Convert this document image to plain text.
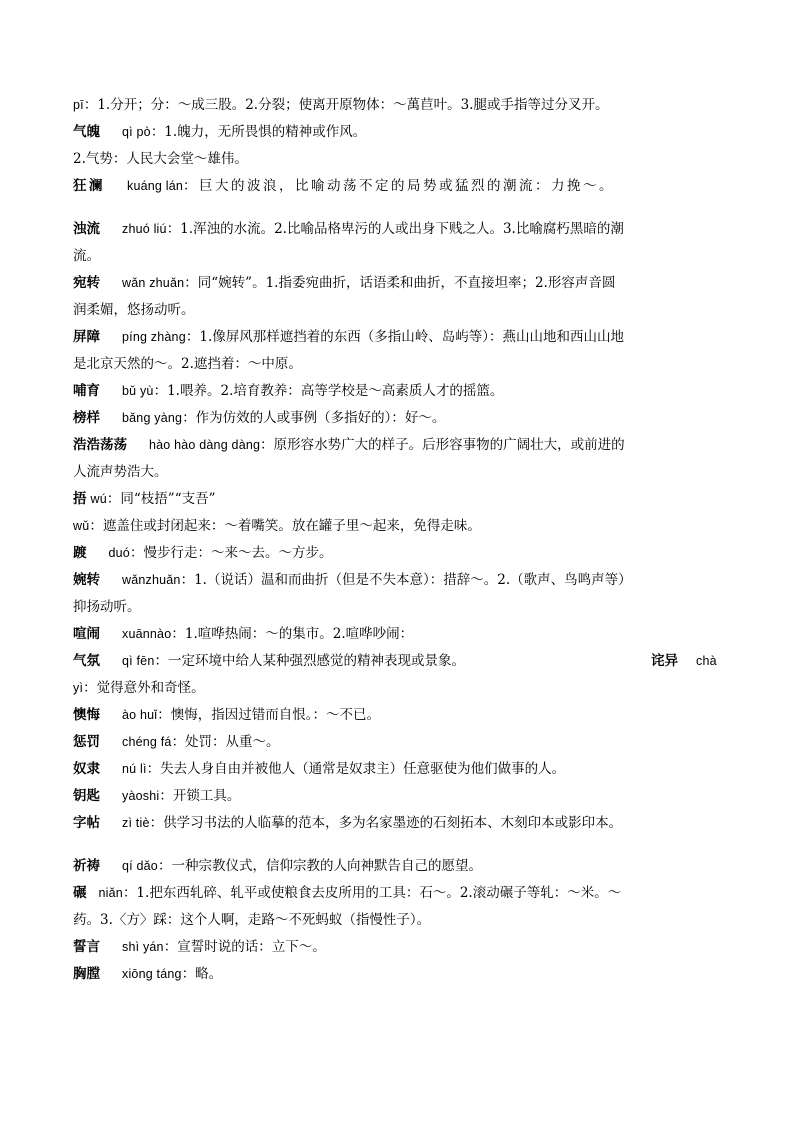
pī：1.分开；分：～成三股。2.分裂；使离开原物体：～萬苣叶。3.腿或手指等过分叉开。
气魄 qì pò：1.魄力，无所畏惧的精神或作风。
2.气势：人民大会堂～雄伟。
狂澜 kuáng lán：巨大的波浪，比喻动荡不定的局势或猛烈的潮流：力挽～。
浊流 zhuó liú：1.浑浊的水流。2.比喻品格卑污的人或出身下贱之人。3.比喻腐朽黑暗的潮
流。
宛转 wǎn zhuǎn：同“婉转”。1.指委宛曲折，话语柔和曲折，不直接坦率；2.形容声音圆
润柔媚，悠扬动听。
屏障 píng zhàng：1.像屏风那样遮挡着的东西（多指山岭、岛屿等）：燕山山地和西山山地
是北京天然的～。2.遮挡着：～中原。
哺育 bǔ yù：1.喂养。2.培育教养：高等学校是～高素质人才的摇篮。
榜样 bǎng yàng：作为仿效的人或事例（多指好的）：好～。
浩浩荡荡 hào hào dàng dàng：原形容水势广大的样子。后形容事物的广阔壮大，或前进的
人流声势浩大。
捂 wú：同“枝捂”“支吾”
wǔ：遮盖住或封闭起来：～着嘴笑。放在罐子里～起来，免得走味。
踱 duó：慢步行走：～来～去。～方步。
婉转 wǎnzhuǎn：1.（说话）温和而曲折（但是不失本意）：措辞～。2.（歌声、鸟鸣声等）
抑扬动听。
喧闹 xuānnào：1.喧哗热闹：～的集市。2.喧哗吵闹：
气氛 qì fēn：一定环境中给人某种强烈感觉的精神表现或景象。	诧异 chà
yì：觉得意外和奇怪。
懊悔 ào huǐ：懊悔，指因过错而自恨。：～不已。
惩罚 chéng fá：处罚：从重～。
奴隶 nú lì：失去人身自由并被他人（通常是奴隶主）任意驱使为他们做事的人。
钥匙 yàoshi：开锁工具。
字帖 zì tiè：供学习书法的人临摹的范本，多为名家墨迹的石刻拓本、木刻印本或影印本。
祈祷 qí dǎo：一种宗教仪式，信仰宗教的人向神默告自己的愿望。
碾 niǎn：1.把东西轧碎、轧平或使粮食去皮所用的工具：石～。2.滚动碾子等轧：～米。～
药。3.〈方〉踩：这个人啊，走路～不死蚂蚁（指慢性子）。
誓言 shì yán：宣誓时说的话：立下～。
胸膛 xiōng táng：略。
